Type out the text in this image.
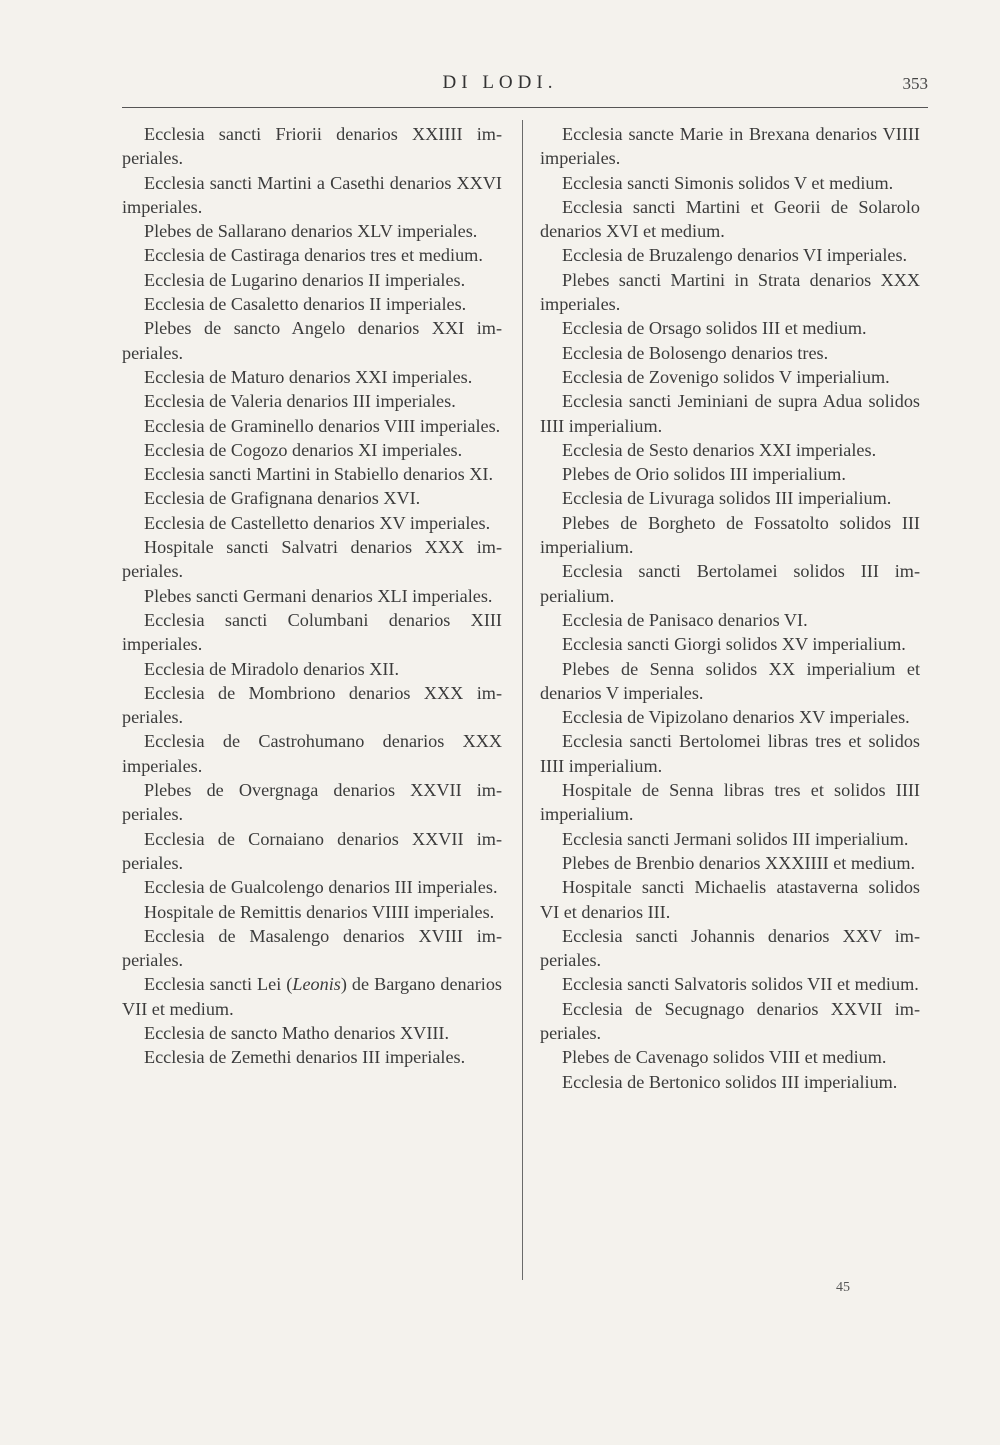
DI LODI.	353

Ecclesia sancti Friorii denarios XXIIII imperiales.

Ecclesia sancti Martini a Casethi denarios XXVI imperiales.

Plebes de Sallarano denarios XLV imperiales.

Ecclesia de Castiraga denarios tres et medium.

Ecclesia de Lugarino denarios II imperiales.

Ecclesia de Casaletto denarios II imperiales.

Plebes de sancto Angelo denarios XXI imperiales.

Ecclesia de Maturo denarios XXI imperiales.

Ecclesia de Valeria denarios III imperiales.

Ecclesia de Graminello denarios VIII imperiales.

Ecclesia de Cogozo denarios XI imperiales.

Ecclesia sancti Martini in Stabiello denarios XI.

Ecclesia de Grafignana denarios XVI.

Ecclesia de Castelletto denarios XV imperiales.

Hospitale sancti Salvatri denarios XXX imperiales.

Plebes sancti Germani denarios XLI imperiales.

Ecclesia sancti Columbani denarios XIII imperiales.

Ecclesia de Miradolo denarios XII.

Ecclesia de Mombriono denarios XXX imperiales.

Ecclesia de Castrohumano denarios XXX imperiales.

Plebes de Overgnaga denarios XXVII imperiales.

Ecclesia de Cornaiano denarios XXVII imperiales.

Ecclesia de Gualcolengo denarios III imperiales.

Hospitale de Remittis denarios VIIII imperiales.

Ecclesia de Masalengo denarios XVIII imperiales.

Ecclesia sancti Lei (Leonis) de Bargano denarios VII et medium.

Ecclesia de sancto Matho denarios XVIII.

Ecclesia de Zemethi denarios III imperiales.

Ecclesia sancte Marie in Brexana denarios VIIII imperiales.

Ecclesia sancti Simonis solidos V et medium.

Ecclesia sancti Martini et Georii de Solarolo denarios XVI et medium.

Ecclesia de Bruzalengo denarios VI imperiales.

Plebes sancti Martini in Strata denarios XXX imperiales.

Ecclesia de Orsago solidos III et medium.

Ecclesia de Bolosengo denarios tres.

Ecclesia de Zovenigo solidos V imperialium.

Ecclesia sancti Jeminiani de supra Adua solidos IIII imperialium.

Ecclesia de Sesto denarios XXI imperiales.

Plebes de Orio solidos III imperialium.

Ecclesia de Livuraga solidos III imperialium.

Plebes de Borgheto de Fossatolto solidos III imperialium.

Ecclesia sancti Bertolamei solidos III imperialium.

Ecclesia de Panisaco denarios VI.

Ecclesia sancti Giorgi solidos XV imperialium.

Plebes de Senna solidos XX imperialium et denarios V imperiales.

Ecclesia de Vipizolano denarios XV imperiales.

Ecclesia sancti Bertolomei libras tres et solidos IIII imperialium.

Hospitale de Senna libras tres et solidos IIII imperialium.

Ecclesia sancti Jermani solidos III imperialium.

Plebes de Brenbio denarios XXXIIII et medium.

Hospitale sancti Michaelis atastaverna solidos VI et denarios III.

Ecclesia sancti Johannis denarios XXV imperiales.

Ecclesia sancti Salvatoris solidos VII et medium.

Ecclesia de Secugnago denarios XXVII imperiales.

Plebes de Cavenago solidos VIII et medium.

Ecclesia de Bertonico solidos III imperialium.

45
